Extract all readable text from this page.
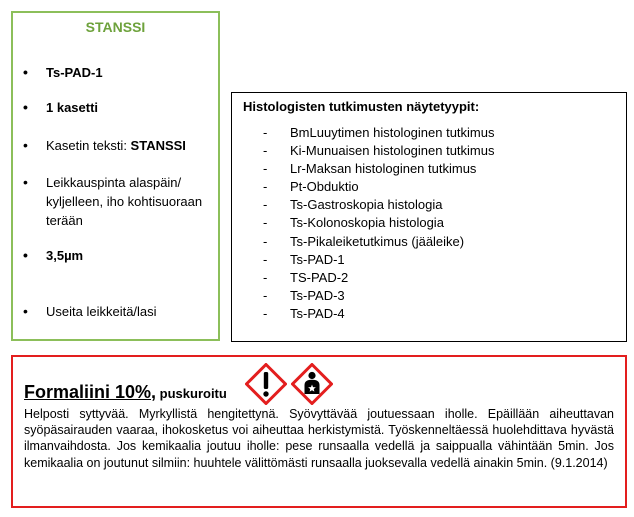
STANSSI
• Ts-PAD-1
• 1 kasetti
• Kasetin teksti: STANSSI
• Leikkauspinta alaspäin/ kyljelleen, iho kohtisuoraan terään
• 3,5µm
• Useita leikkeitä/lasi
Histologisten tutkimusten näytetyypit:
-	BmLuuytimen histologinen tutkimus
-	Ki-Munuaisen histologinen tutkimus
-	Lr-Maksan histologinen tutkimus
-	Pt-Obduktio
-	Ts-Gastroskopia histologia
-	Ts-Kolonoskopia histologia
-	Ts-Pikaleiketutkimus (jääleike)
-	Ts-PAD-1
-	TS-PAD-2
-	Ts-PAD-3
-	Ts-PAD-4
Formaliini 10%, puskuroitu
Helposti syttyvää. Myrkyllistä hengitettynä. Syövyttävää joutuessaan iholle. Epäillään aiheuttavan syöpäsairauden vaaraa, ihokosketus voi aiheuttaa herkistymistä. Työskenneltäessä huolehdittava hyvästä ilmanvaihdosta. Jos kemikaalia joutuu iholle: pese runsaalla vedellä ja saippualla vähintään 5min. Jos kemikaalia on joutunut silmiin: huuhtele välittömästi runsaalla juoksevalla vedellä ainakin 5min. (9.1.2014)
